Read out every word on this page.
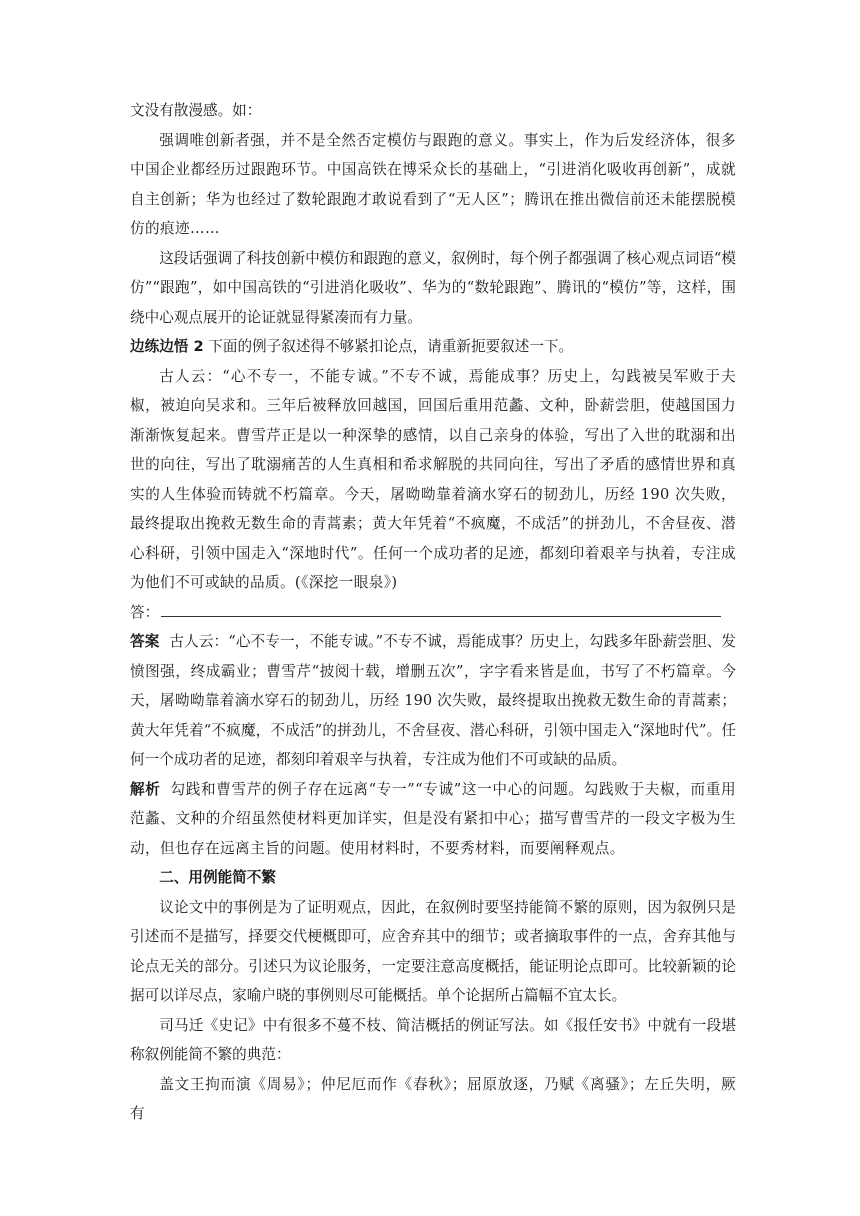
文没有散漫感。如：

强调唯创新者强，并不是全然否定模仿与跟跑的意义。事实上，作为后发经济体，很多中国企业都经历过跟跑环节。中国高铁在博采众长的基础上，“引进消化吸收再创新”，成就自主创新；华为也经过了数轮跟跑才敢说看到了“无人区”；腾讯在推出微信前还未能摆脱模仿的痕迹……

这段话强调了科技创新中模仿和跟跑的意义，叙例时，每个例子都强调了核心观点词语“模仿”“跟跑”，如中国高铁的“引进消化吸收”、华为的“数轮跟跑”、腾讯的“模仿”等，这样，围绕中心观点展开的论证就显得紧凑而有力量。

边练边悟 2 下面的例子叙述得不够紧扣论点，请重新扼要叙述一下。

古人云：“心不专一，不能专诚。”不专不诚，焉能成事？历史上，勾践被吴军败于夫椒，被迫向吴求和。三年后被释放回越国，回国后重用范蠡、文种，卧薪尝胆，使越国国力渐渐恢复起来。曹雪芹正是以一种深挚的感情，以自己亲身的体验，写出了入世的耽溺和出世的向往，写出了耽溺痛苦的人生真相和希求解脱的共同向往，写出了矛盾的感情世界和真实的人生体验而铸就不朽篇章。今天，屠呦呦靠着滴水穿石的韧劲儿，历经 190 次失败，最终提取出挽救无数生命的青蒿素；黄大年凭着“不疯魔，不成活”的拼劲儿，不舍昼夜、潜心科研，引领中国走入“深地时代”。任何一个成功者的足迹，都刻印着艰辛与执着，专注成为他们不可或缺的品质。(《深挖一眼泉》)

答：

答案 古人云：“心不专一，不能专诚。”不专不诚，焉能成事？历史上，勾践多年卧薪尝胆、发愤图强，终成霸业；曹雪芹“披阅十载，增删五次”，字字看来皆是血，书写了不朽篇章。今天，屠呦呦靠着滴水穿石的韧劲儿，历经 190 次失败，最终提取出挽救无数生命的青蒿素；黄大年凭着“不疯魔，不成活”的拼劲儿，不舍昼夜、潜心科研，引领中国走入“深地时代”。任何一个成功者的足迹，都刻印着艰辛与执着，专注成为他们不可或缺的品质。

解析 勾践和曹雪芹的例子存在远离“专一”“专诚”这一中心的问题。勾践败于夫椒，而重用范蠡、文种的介绍虽然使材料更加详实，但是没有紧扣中心；描写曹雪芹的一段文字极为生动，但也存在远离主旨的问题。使用材料时，不要秀材料，而要阐释观点。

二、用例能简不繁

议论文中的事例是为了证明观点，因此，在叙例时要坚持能简不繁的原则，因为叙例只是引述而不是描写，择要交代梗概即可，应舍弃其中的细节；或者摘取事件的一点，舍弃其他与论点无关的部分。引述只为议论服务，一定要注意高度概括，能证明论点即可。比较新颖的论据可以详尽点，家喻户晓的事例则尽可能概括。单个论据所占篇幅不宜太长。

司马迁《史记》中有很多不蔓不枝、简洁概括的例证写法。如《报任安书》中就有一段堪称叙例能简不繁的典范：

盖文王拘而演《周易》；仲尼厄而作《春秋》；屈原放逐，乃赋《离骚》；左丘失明，厥有
